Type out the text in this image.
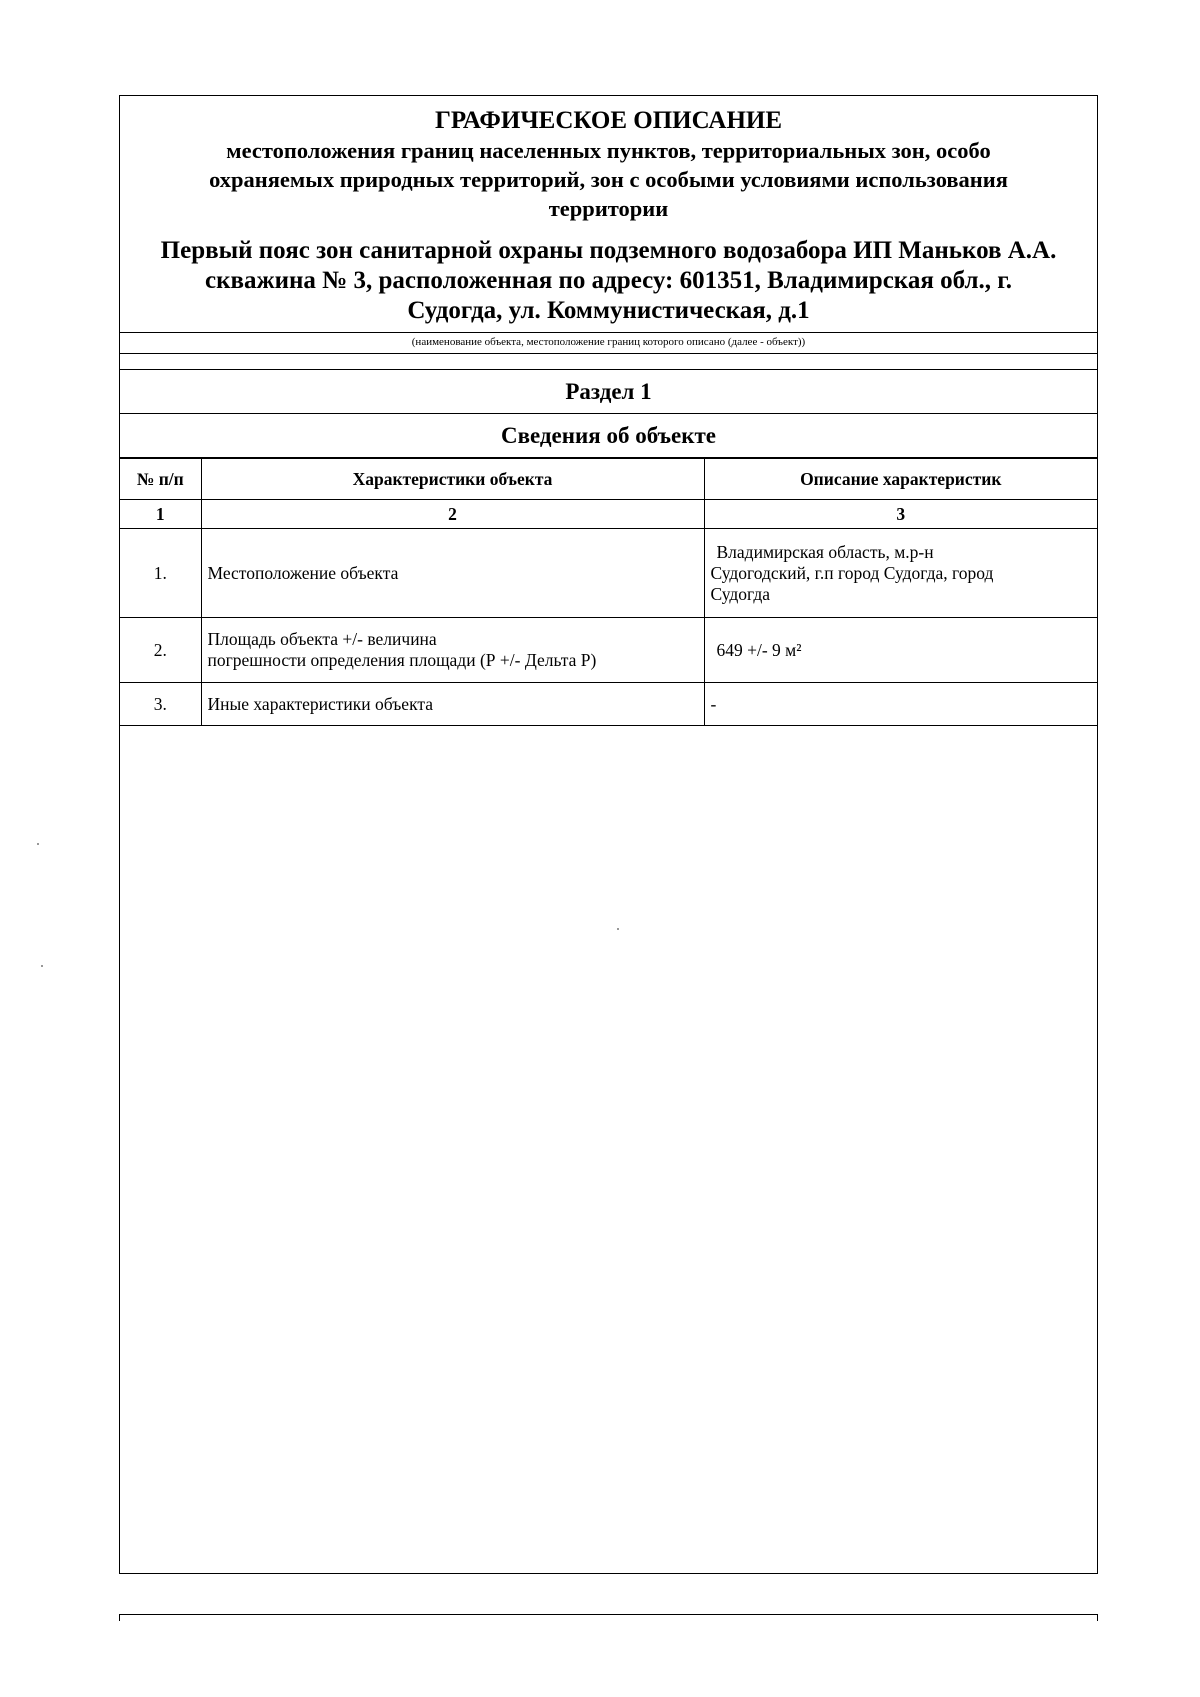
ГРАФИЧЕСКОЕ ОПИСАНИЕ
местоположения границ населенных пунктов, территориальных зон, особо
охраняемых природных территорий, зон с особыми условиями использования
территории
Первый пояс зон санитарной охраны подземного водозабора ИП Маньков А.А.
скважина № 3, расположенная по адресу: 601351, Владимирская обл., г.
Судогда, ул. Коммунистическая, д.1
(наименование объекта, местоположение границ которого описано (далее - объект))
Раздел 1
Сведения об объекте
№ п/п	Характеристики объекта	Описание характеристик
1	2	3
1.	Местоположение объекта	Владимирская область, м.р-н
Судогодский, г.п город Судогда, город
Судогда

2.	Площадь объекта +/- величина
погрешности определения площади (Р +/- Дельта Р)	649 +/- 9 м²

3.	Иные характеристики объекта	-
